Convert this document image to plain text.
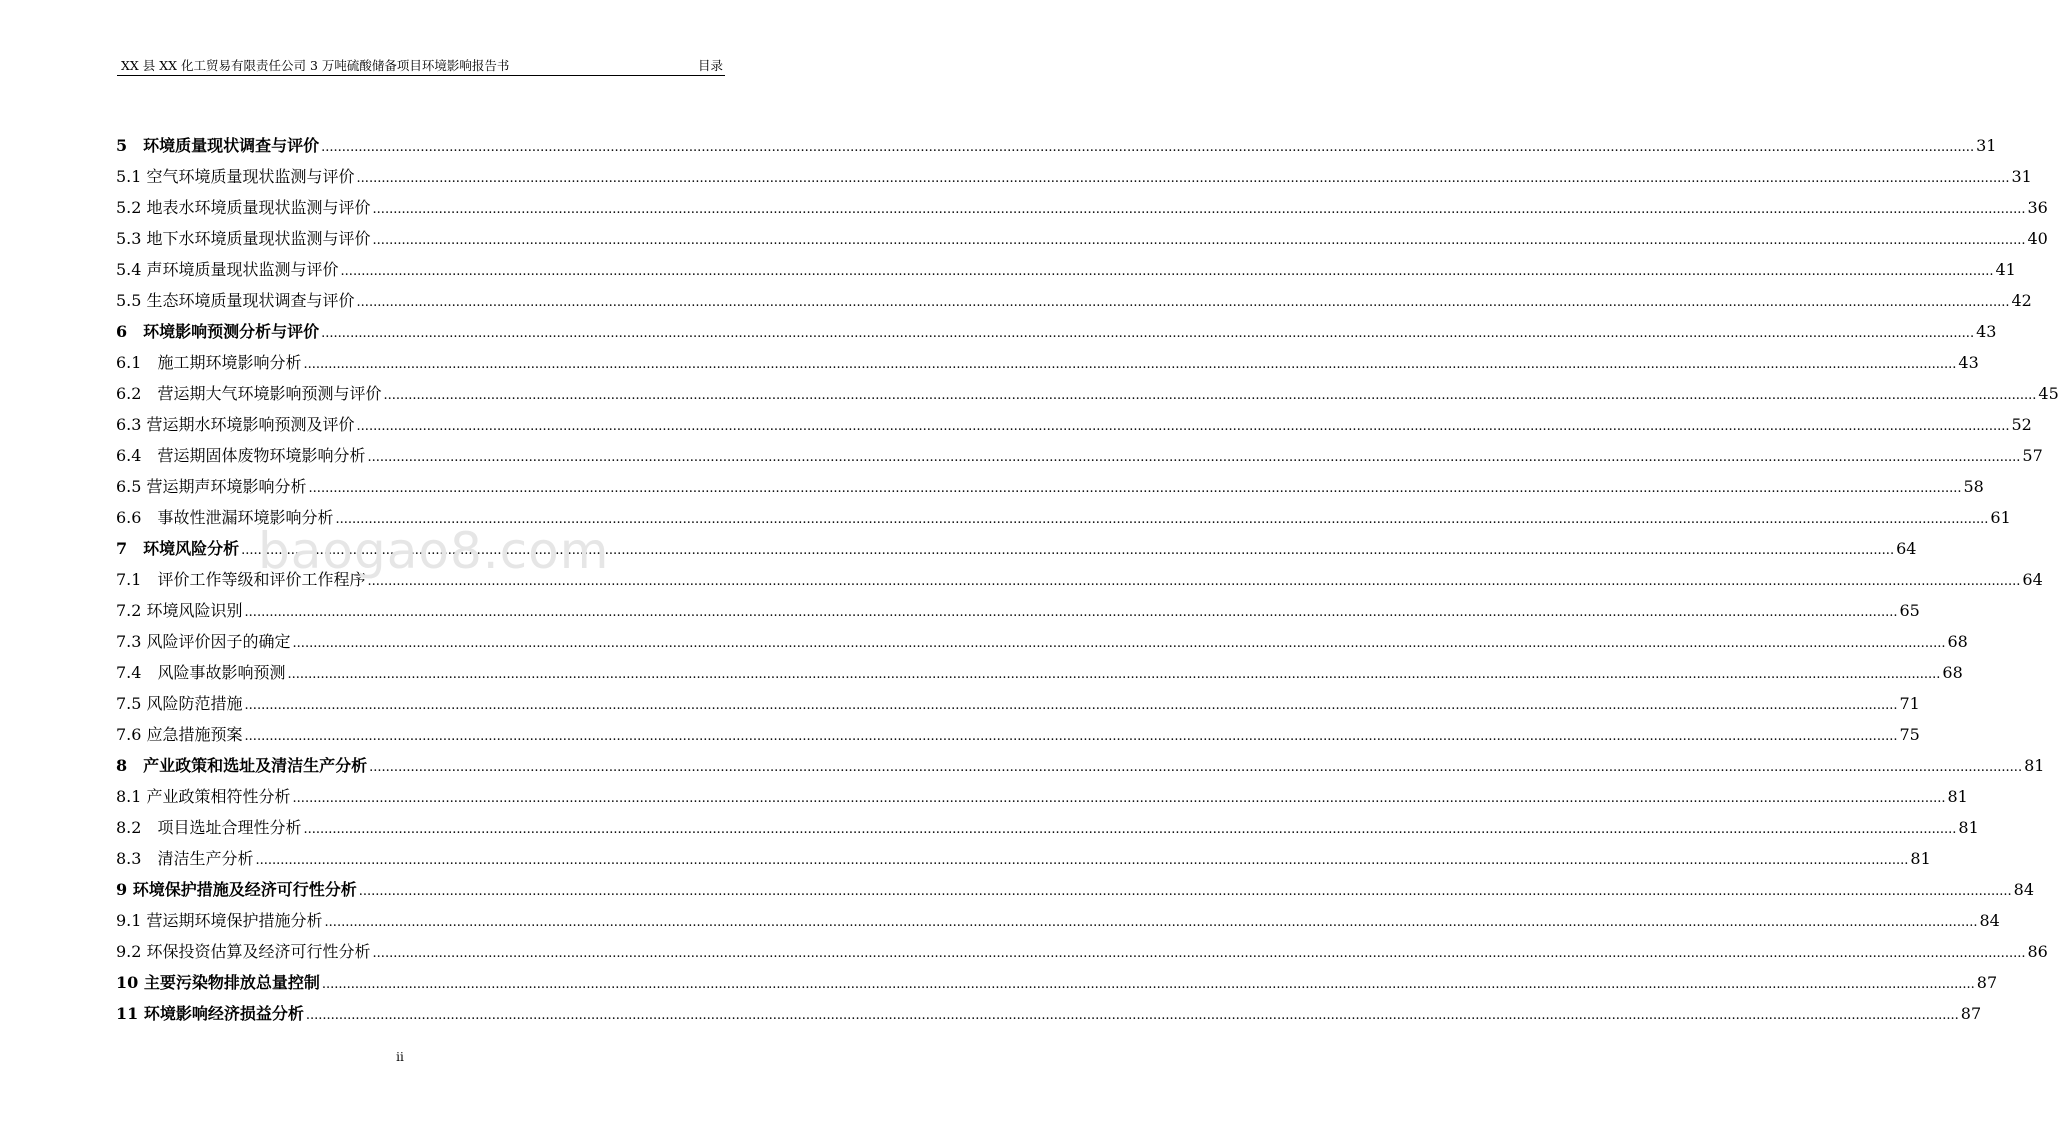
XX 县 XX 化工贸易有限责任公司 3 万吨硫酸储备项目环境影响报告书	目录
5　环境质量现状调查与评价 ................................................................................................................................................................................................................................................................................................................................................................................................................ 31
5.1 空气环境质量现状监测与评价 ................................................................................................................................................................................................................................................................................................................................................................................................................ 31
5.2 地表水环境质量现状监测与评价 ................................................................................................................................................................................................................................................................................................................................................................................................................ 36
5.3 地下水环境质量现状监测与评价 ................................................................................................................................................................................................................................................................................................................................................................................................................ 40
5.4 声环境质量现状监测与评价 ................................................................................................................................................................................................................................................................................................................................................................................................................ 41
5.5 生态环境质量现状调查与评价 ................................................................................................................................................................................................................................................................................................................................................................................................................ 42
6　环境影响预测分析与评价 ................................................................................................................................................................................................................................................................................................................................................................................................................ 43
6.1　施工期环境影响分析 ................................................................................................................................................................................................................................................................................................................................................................................................................ 43
6.2　营运期大气环境影响预测与评价 ................................................................................................................................................................................................................................................................................................................................................................................................................ 45
6.3 营运期水环境影响预测及评价 ................................................................................................................................................................................................................................................................................................................................................................................................................ 52
6.4　营运期固体废物环境影响分析 ................................................................................................................................................................................................................................................................................................................................................................................................................ 57
6.5 营运期声环境影响分析 ................................................................................................................................................................................................................................................................................................................................................................................................................ 58
6.6　事故性泄漏环境影响分析 ................................................................................................................................................................................................................................................................................................................................................................................................................ 61
7　环境风险分析 ................................................................................................................................................................................................................................................................................................................................................................................................................ 64
7.1　评价工作等级和评价工作程序 ................................................................................................................................................................................................................................................................................................................................................................................................................ 64
7.2 环境风险识别 ................................................................................................................................................................................................................................................................................................................................................................................................................ 65
7.3 风险评价因子的确定 ................................................................................................................................................................................................................................................................................................................................................................................................................ 68
7.4　风险事故影响预测 ................................................................................................................................................................................................................................................................................................................................................................................................................ 68
7.5 风险防范措施 ................................................................................................................................................................................................................................................................................................................................................................................................................ 71
7.6 应急措施预案 ................................................................................................................................................................................................................................................................................................................................................................................................................ 75
8　产业政策和选址及清洁生产分析 ................................................................................................................................................................................................................................................................................................................................................................................................................ 81
8.1 产业政策相符性分析 ................................................................................................................................................................................................................................................................................................................................................................................................................ 81
8.2　项目选址合理性分析 ................................................................................................................................................................................................................................................................................................................................................................................................................ 81
8.3　清洁生产分析 ................................................................................................................................................................................................................................................................................................................................................................................................................ 81
9 环境保护措施及经济可行性分析 ................................................................................................................................................................................................................................................................................................................................................................................................................ 84
9.1 营运期环境保护措施分析 ................................................................................................................................................................................................................................................................................................................................................................................................................ 84
9.2 环保投资估算及经济可行性分析 ................................................................................................................................................................................................................................................................................................................................................................................................................ 86
10 主要污染物排放总量控制 ................................................................................................................................................................................................................................................................................................................................................................................................................ 87
11 环境影响经济损益分析 ................................................................................................................................................................................................................................................................................................................................................................................................................ 87
baogao8.com
ii
